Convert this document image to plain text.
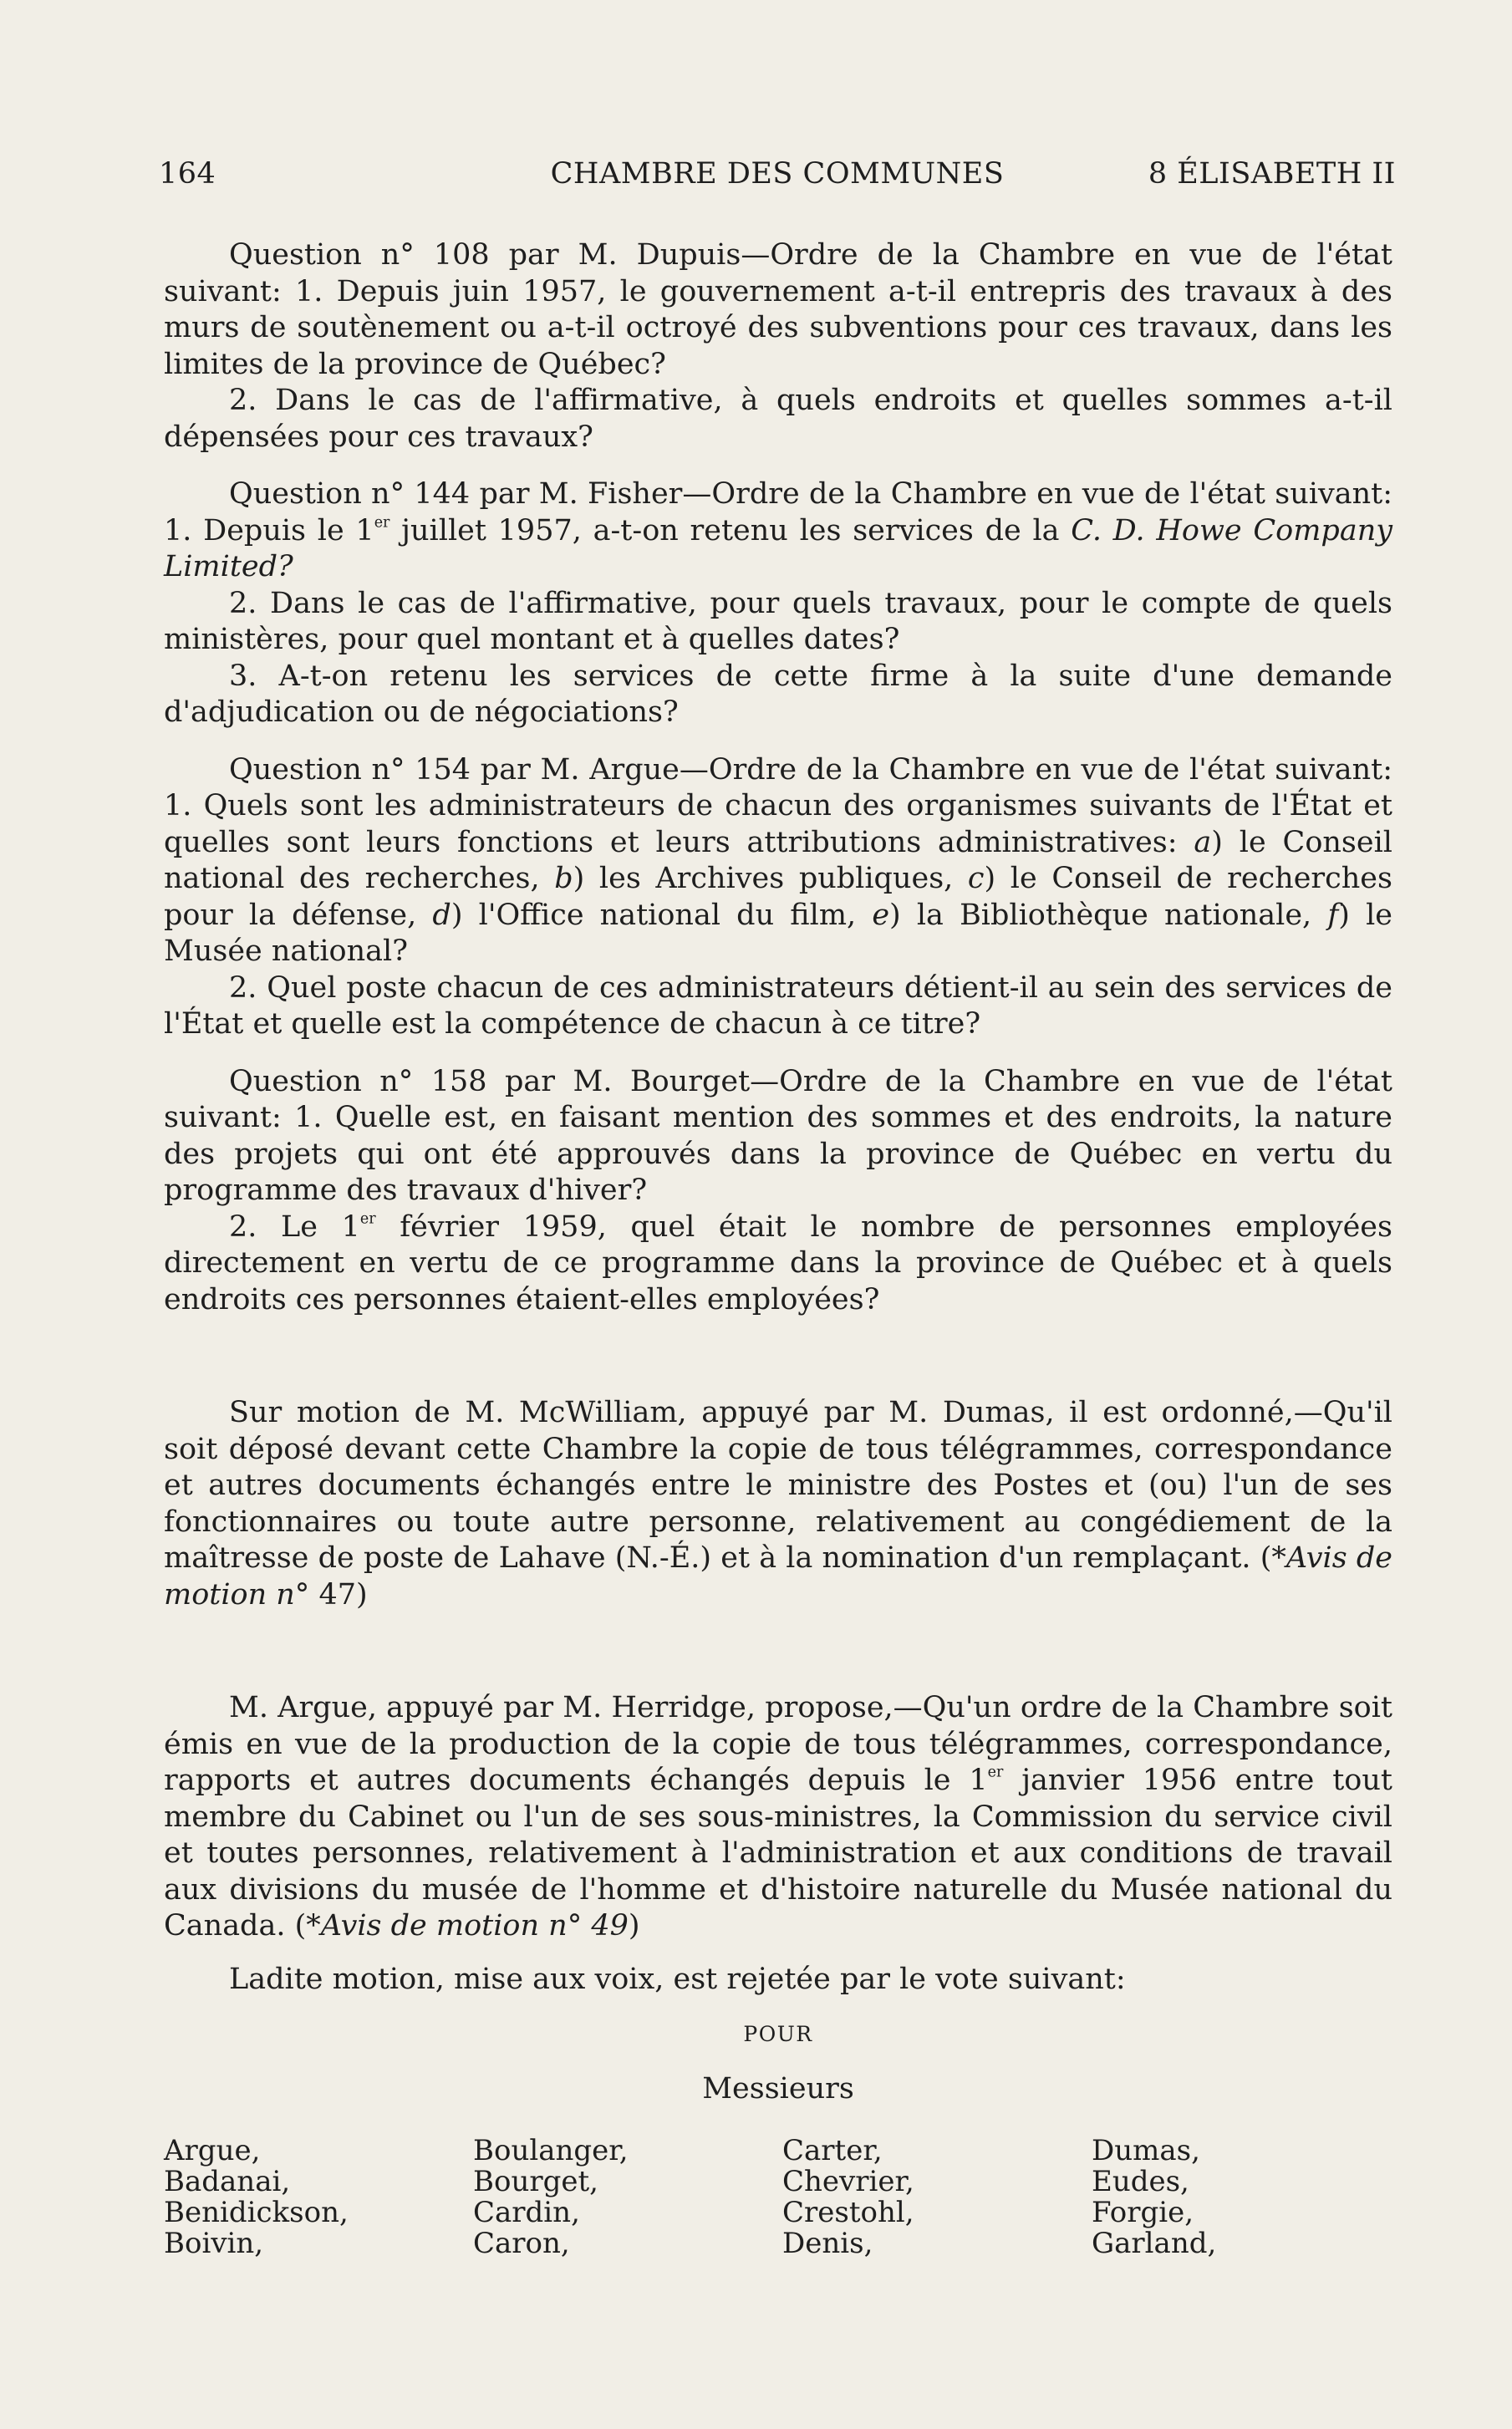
164	CHAMBRE DES COMMUNES	8 ÉLISABETH II

Question n° 108 par M. Dupuis—Ordre de la Chambre en vue de l'état suivant: 1. Depuis juin 1957, le gouvernement a-t-il entrepris des travaux à des murs de soutènement ou a-t-il octroyé des subventions pour ces travaux, dans les limites de la province de Québec?

2. Dans le cas de l'affirmative, à quels endroits et quelles sommes a-t-il dépensées pour ces travaux?

Question n° 144 par M. Fisher—Ordre de la Chambre en vue de l'état suivant: 1. Depuis le 1er juillet 1957, a-t-on retenu les services de la C. D. Howe Company Limited?

2. Dans le cas de l'affirmative, pour quels travaux, pour le compte de quels ministères, pour quel montant et à quelles dates?

3. A-t-on retenu les services de cette firme à la suite d'une demande d'adjudication ou de négociations?

Question n° 154 par M. Argue—Ordre de la Chambre en vue de l'état suivant: 1. Quels sont les administrateurs de chacun des organismes suivants de l'État et quelles sont leurs fonctions et leurs attributions administratives: a) le Conseil national des recherches, b) les Archives publiques, c) le Conseil de recherches pour la défense, d) l'Office national du film, e) la Bibliothèque nationale, f) le Musée national?

2. Quel poste chacun de ces administrateurs détient-il au sein des services de l'État et quelle est la compétence de chacun à ce titre?

Question n° 158 par M. Bourget—Ordre de la Chambre en vue de l'état suivant: 1. Quelle est, en faisant mention des sommes et des endroits, la nature des projets qui ont été approuvés dans la province de Québec en vertu du programme des travaux d'hiver?

2. Le 1er février 1959, quel était le nombre de personnes employées directement en vertu de ce programme dans la province de Québec et à quels endroits ces personnes étaient-elles employées?

Sur motion de M. McWilliam, appuyé par M. Dumas, il est ordonné,—Qu'il soit déposé devant cette Chambre la copie de tous télégrammes, correspondance et autres documents échangés entre le ministre des Postes et (ou) l'un de ses fonctionnaires ou toute autre personne, relativement au congédiement de la maîtresse de poste de Lahave (N.-É.) et à la nomination d'un remplaçant. (*Avis de motion n° 47)

M. Argue, appuyé par M. Herridge, propose,—Qu'un ordre de la Chambre soit émis en vue de la production de la copie de tous télégrammes, correspondance, rapports et autres documents échangés depuis le 1er janvier 1956 entre tout membre du Cabinet ou l'un de ses sous-ministres, la Commission du service civil et toutes personnes, relativement à l'administration et aux conditions de travail aux divisions du musée de l'homme et d'histoire naturelle du Musée national du Canada. (*Avis de motion n° 49)

Ladite motion, mise aux voix, est rejetée par le vote suivant:

POUR
Messieurs
Argue,
Badanai,
Benidickson,
Boivin,
Boulanger,
Bourget,
Cardin,
Caron,
Carter,
Chevrier,
Crestohl,
Denis,
Dumas,
Eudes,
Forgie,
Garland,
